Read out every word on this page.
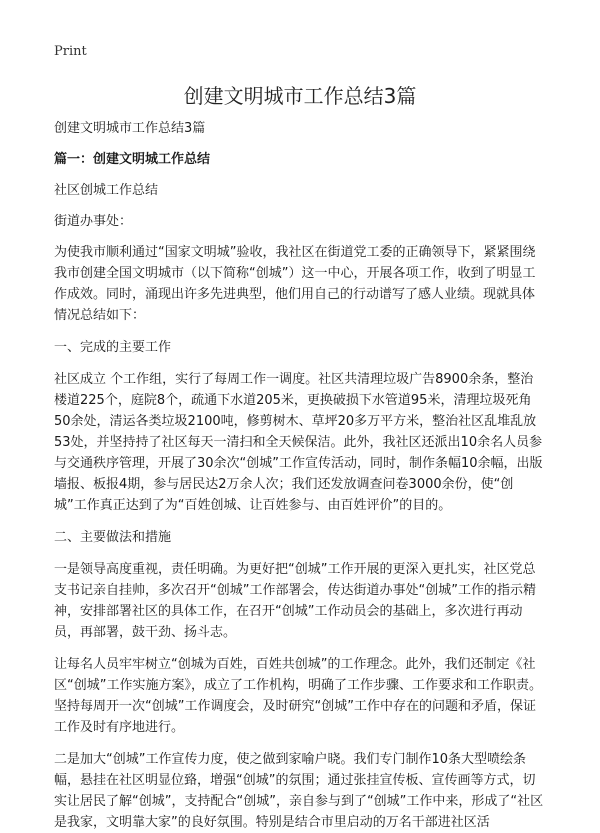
Print
创建文明城市工作总结3篇

创建文明城市工作总结3篇

篇一：创建文明城工作总结

社区创城工作总结

街道办事处：

为使我市顺利通过“国家文明城”验收，我社区在街道党工委的正确领导下，紧紧围绕我市创建全国文明城市（以下简称“创城”）这一中心，开展各项工作，收到了明显工作成效。同时，涌现出许多先进典型，他们用自己的行动谱写了感人业绩。现就具体情况总结如下：

一、完成的主要工作

社区成立 个工作组，实行了每周工作一调度。社区共清理垃圾广告8900余条，整治楼道225个，庭院8个，疏通下水道205米，更换破损下水管道95米，清理垃圾死角50余处，清运各类垃圾2100吨，修剪树木、草坪20多万平方米，整治社区乱堆乱放53处，并坚持持了社区每天一清扫和全天候保洁。此外，我社区还派出10余名人员参与交通秩序管理，开展了30余次“创城”工作宣传活动，同时，制作条幅10余幅，出版墙报、板报4期，参与居民达2万余人次；我们还发放调查问卷3000余份，使“创城”工作真正达到了为“百姓创城、让百姓参与、由百姓评价”的目的。

二、主要做法和措施

一是领导高度重视，责任明确。为更好把“创城”工作开展的更深入更扎实，社区党总支书记亲自挂帅，多次召开“创城”工作部署会，传达街道办事处“创城”工作的指示精神，安排部署社区的具体工作，在召开“创城”工作动员会的基础上，多次进行再动员，再部署，鼓干劲、扬斗志。

让每名人员牢牢树立“创城为百姓，百姓共创城”的工作理念。此外，我们还制定《社区“创城”工作实施方案》，成立了工作机构，明确了工作步骤、工作要求和工作职责。坚持每周开一次“创城”工作调度会，及时研究“创城”工作中存在的问题和矛盾，保证工作及时有序地进行。

二是加大“创城”工作宣传力度，使之做到家喻户晓。我们专门制作10条大型喷绘条幅，悬挂在社区明显位臵，增强“创城”的氛围；通过张挂宣传板、宣传画等方式，切实让居民了解“创城”，支持配合“创城”，亲自参与到了“创城”工作中来，形成了“社区是我家，文明靠大家”的良好氛围。特别是结合市里启动的万名干部进社区活
